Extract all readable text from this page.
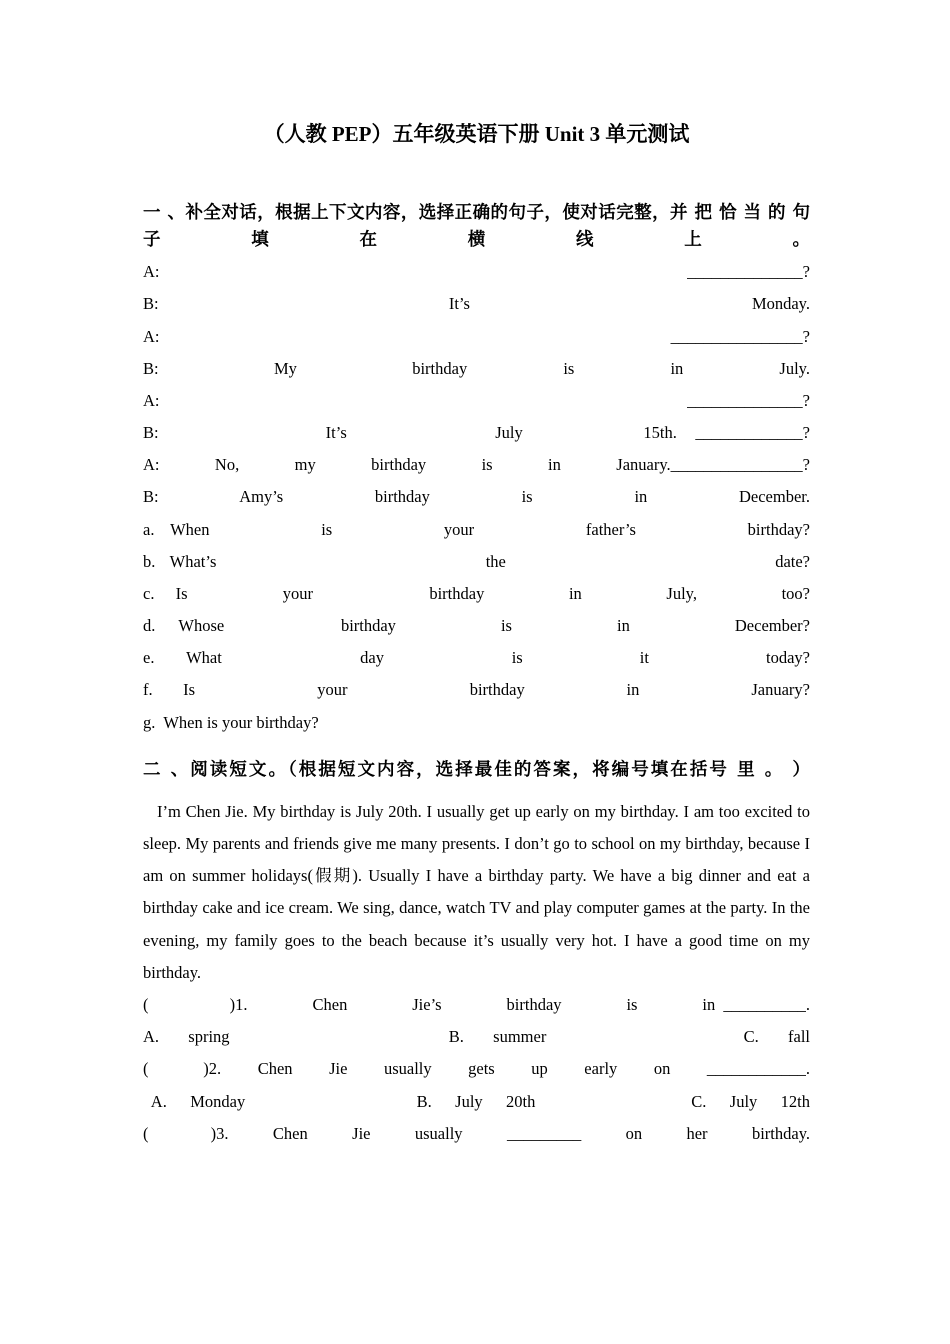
（人教 PEP）五年级英语下册 Unit 3 单元测试
一 、补全对话，根据上下文内容，选择正确的句子，使对话完整，并 把 恰 当 的 句 子 填 在 横 线 上 。
A:  ______________?
B:                                   It’s                                  Monday.
A: ________________?
B:            My            birthday          is          in          July.
A: ______________?
B:                  It’s                July             15th.  _____________?
A:     No,     my     birthday     is     in     January.________________?
B:        Amy’s         birthday         is          in         December.
a.  When              is              your              father’s              birthday?
b.  What’s                                     the                                     date?
c.  Is         your           birthday        in        July,        too?
d.  Whose          birthday         is         in         December?
e.   What             day            is           it           today?
f.   Is            your            birthday          in           January?
g.  When is your birthday?
二 、阅读短文。（根据短文内容，选择最佳的答案，将编号填在括号 里 。 ）
I’m Chen Jie. My birthday is July 20th. I usually get up early on my birthday. I am too excited to sleep. My parents and friends give me many presents. I don’t go to school on my birthday, because I am on summer holidays(假期). Usually I have a birthday party. We have a big dinner and eat a birthday cake and ice cream. We sing, dance, watch TV and play computer games at the party. In the evening, my family goes to the beach because it’s usually very hot. I have a good time on my birthday.
(          )1.        Chen        Jie’s        birthday        is        in __________.
A.    spring                              B.    summer                           C.    fall
(      )2.    Chen    Jie    usually    gets    up    early    on    ____________.
A.   Monday                      B.   July   20th                    C.   July   12th
(       )3.     Chen     Jie     usually     _________     on     her     birthday.
